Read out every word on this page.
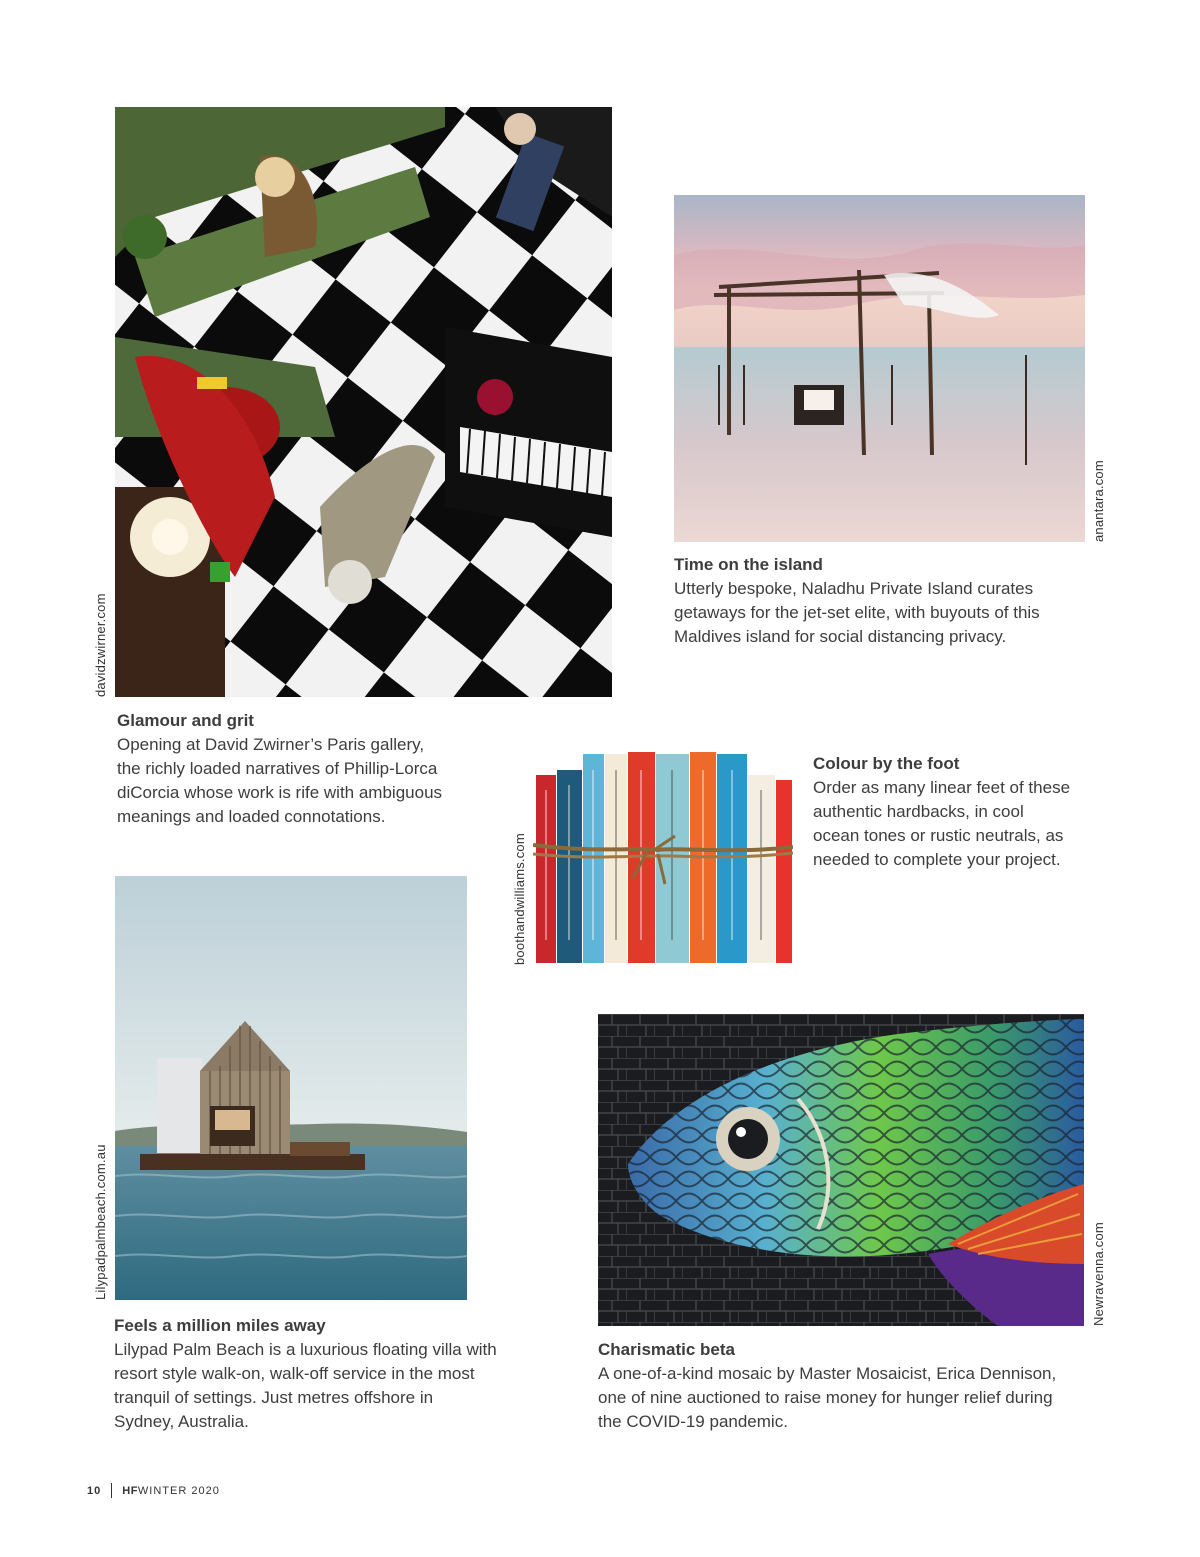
davidzwirner.com
anantara.com
Time on the island

Utterly bespoke, Naladhu Private Island curates

getaways for the jet-set elite, with buyouts of this

Maldives island for social distancing privacy.

Glamour and grit

Opening at David Zwirner’s Paris gallery,

the richly loaded narratives of Phillip-Lorca

diCorcia whose work is rife with ambiguous

meanings and loaded connotations.

boothandwilliams.com
Colour by the foot

Order as many linear feet of these

authentic hardbacks, in cool

ocean tones or rustic neutrals, as

needed to complete your project.

Lilypadpalmbeach.com.au
Feels a million miles away

Lilypad Palm Beach is a luxurious floating villa with

resort style walk-on, walk-off service in the most

tranquil of settings. Just metres offshore in

Sydney, Australia.

Newravenna.com
Charismatic beta

A one-of-a-kind mosaic by Master Mosaicist, Erica Dennison,

one of nine auctioned to raise money for hunger relief during

the COVID-19 pandemic.

10 HF WINTER 2020
